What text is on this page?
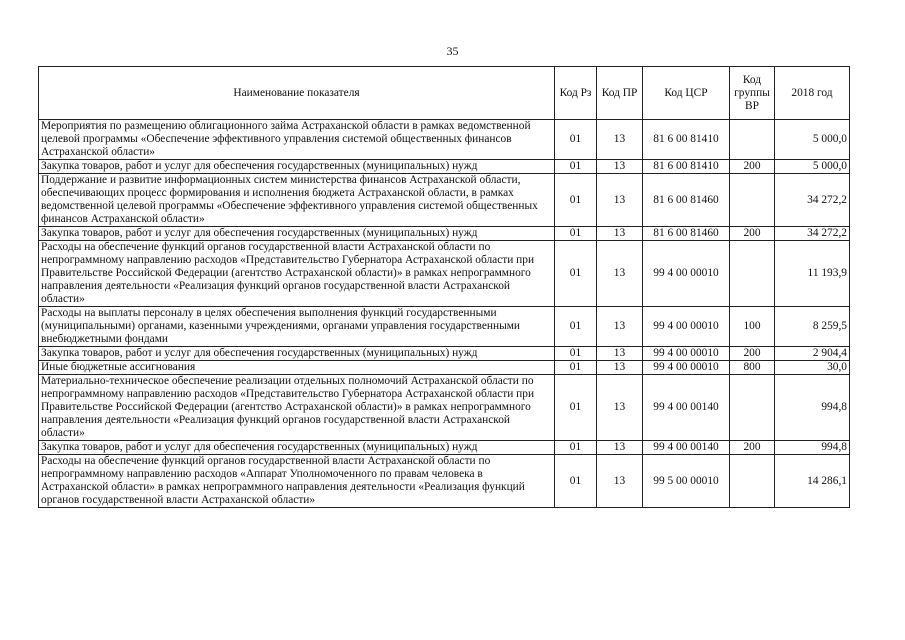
35
Наименование показателя	Код Рз	Код ПР	Код ЦСР	Код группы ВР	2018 год
Мероприятия по размещению облигационного займа Астраханской области в рамках ведомственной целевой программы «Обеспечение эффективного управления системой общественных финансов Астраханской области»	01	13	81 6 00 81410		5 000,0
Закупка товаров, работ и услуг для обеспечения государственных (муниципальных) нужд	01	13	81 6 00 81410	200	5 000,0
Поддержание и развитие информационных систем министерства финансов Астраханской области, обеспечивающих процесс формирования и исполнения бюджета Астраханской области, в рамках ведомственной целевой программы «Обеспечение эффективного управления системой общественных финансов Астраханской области»	01	13	81 6 00 81460		34 272,2
Закупка товаров, работ и услуг для обеспечения государственных (муниципальных) нужд	01	13	81 6 00 81460	200	34 272,2
Расходы на обеспечение функций органов государственной власти Астраханской области по непрограммному направлению расходов «Представительство Губернатора Астраханской области при Правительстве Российской Федерации (агентство Астраханской области)» в рамках непрограммного направления деятельности «Реализация функций органов государственной власти Астраханской области»	01	13	99 4 00 00010		11 193,9
Расходы на выплаты персоналу в целях обеспечения выполнения функций государственными (муниципальными) органами, казенными учреждениями, органами управления государственными внебюджетными фондами	01	13	99 4 00 00010	100	8 259,5
Закупка товаров, работ и услуг для обеспечения государственных (муниципальных) нужд	01	13	99 4 00 00010	200	2 904,4
Иные бюджетные ассигнования	01	13	99 4 00 00010	800	30,0
Материально-техническое обеспечение реализации отдельных полномочий Астраханской области по непрограммному направлению расходов «Представительство Губернатора Астраханской области при Правительстве Российской Федерации (агентство Астраханской области)» в рамках непрограммного направления деятельности «Реализация функций органов государственной власти Астраханской области»	01	13	99 4 00 00140		994,8
Закупка товаров, работ и услуг для обеспечения государственных (муниципальных) нужд	01	13	99 4 00 00140	200	994,8
Расходы на обеспечение функций органов государственной власти Астраханской области по непрограммному направлению расходов «Аппарат Уполномоченного по правам человека в Астраханской области» в рамках непрограммного направления деятельности «Реализация функций органов государственной власти Астраханской области»	01	13	99 5 00 00010		14 286,1
